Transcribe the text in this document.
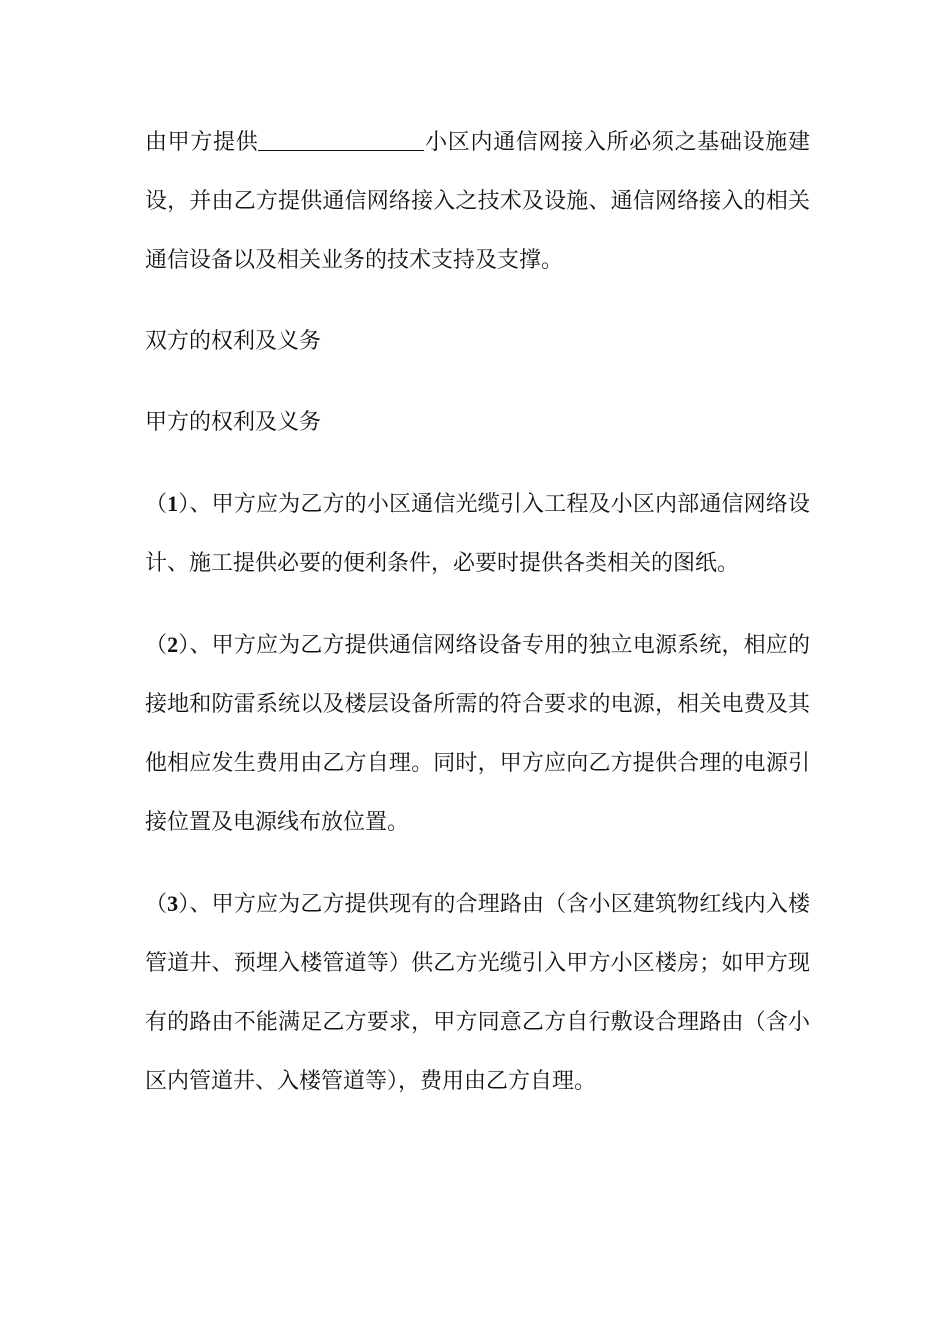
由甲方提供	小区内通信网接入所必须之基础设施建设，并由乙方提供通信网络接入之技术及设施、通信网络接入的相关通信设备以及相关业务的技术支持及支撑。

双方的权利及义务

甲方的权利及义务

（1）、甲方应为乙方的小区通信光缆引入工程及小区内部通信网络设计、施工提供必要的便利条件，必要时提供各类相关的图纸。

（2）、甲方应为乙方提供通信网络设备专用的独立电源系统，相应的接地和防雷系统以及楼层设备所需的符合要求的电源，相关电费及其他相应发生费用由乙方自理。同时，甲方应向乙方提供合理的电源引接位置及电源线布放位置。

（3）、甲方应为乙方提供现有的合理路由（含小区建筑物红线内入楼管道井、预埋入楼管道等）供乙方光缆引入甲方小区楼房；如甲方现有的路由不能满足乙方要求，甲方同意乙方自行敷设合理路由（含小区内管道井、入楼管道等），费用由乙方自理。
